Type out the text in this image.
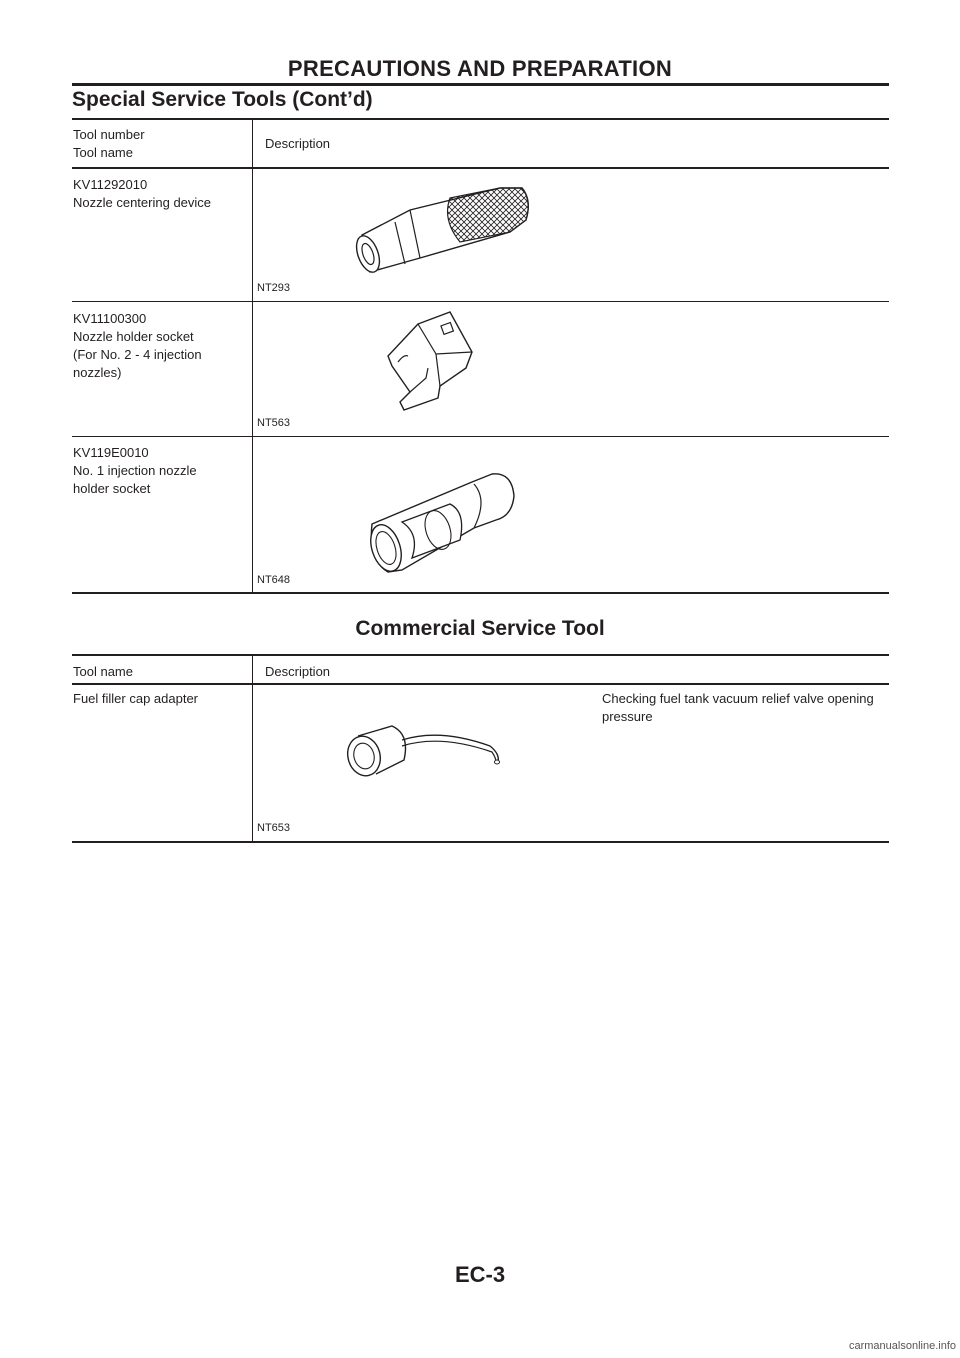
PRECAUTIONS AND PREPARATION
Special Service Tools (Cont’d)
Tool number
Tool name
Description
KV11292010
Nozzle centering device
NT293
KV11100300
Nozzle holder socket
(For No. 2 - 4 injection
nozzles)
NT563
KV119E0010
No. 1 injection nozzle
holder socket
NT648
Commercial Service Tool
Tool name	Description
Fuel filler cap adapter	Checking fuel tank vacuum relief valve opening
pressure
NT653
EC-3
carmanualsonline.info
